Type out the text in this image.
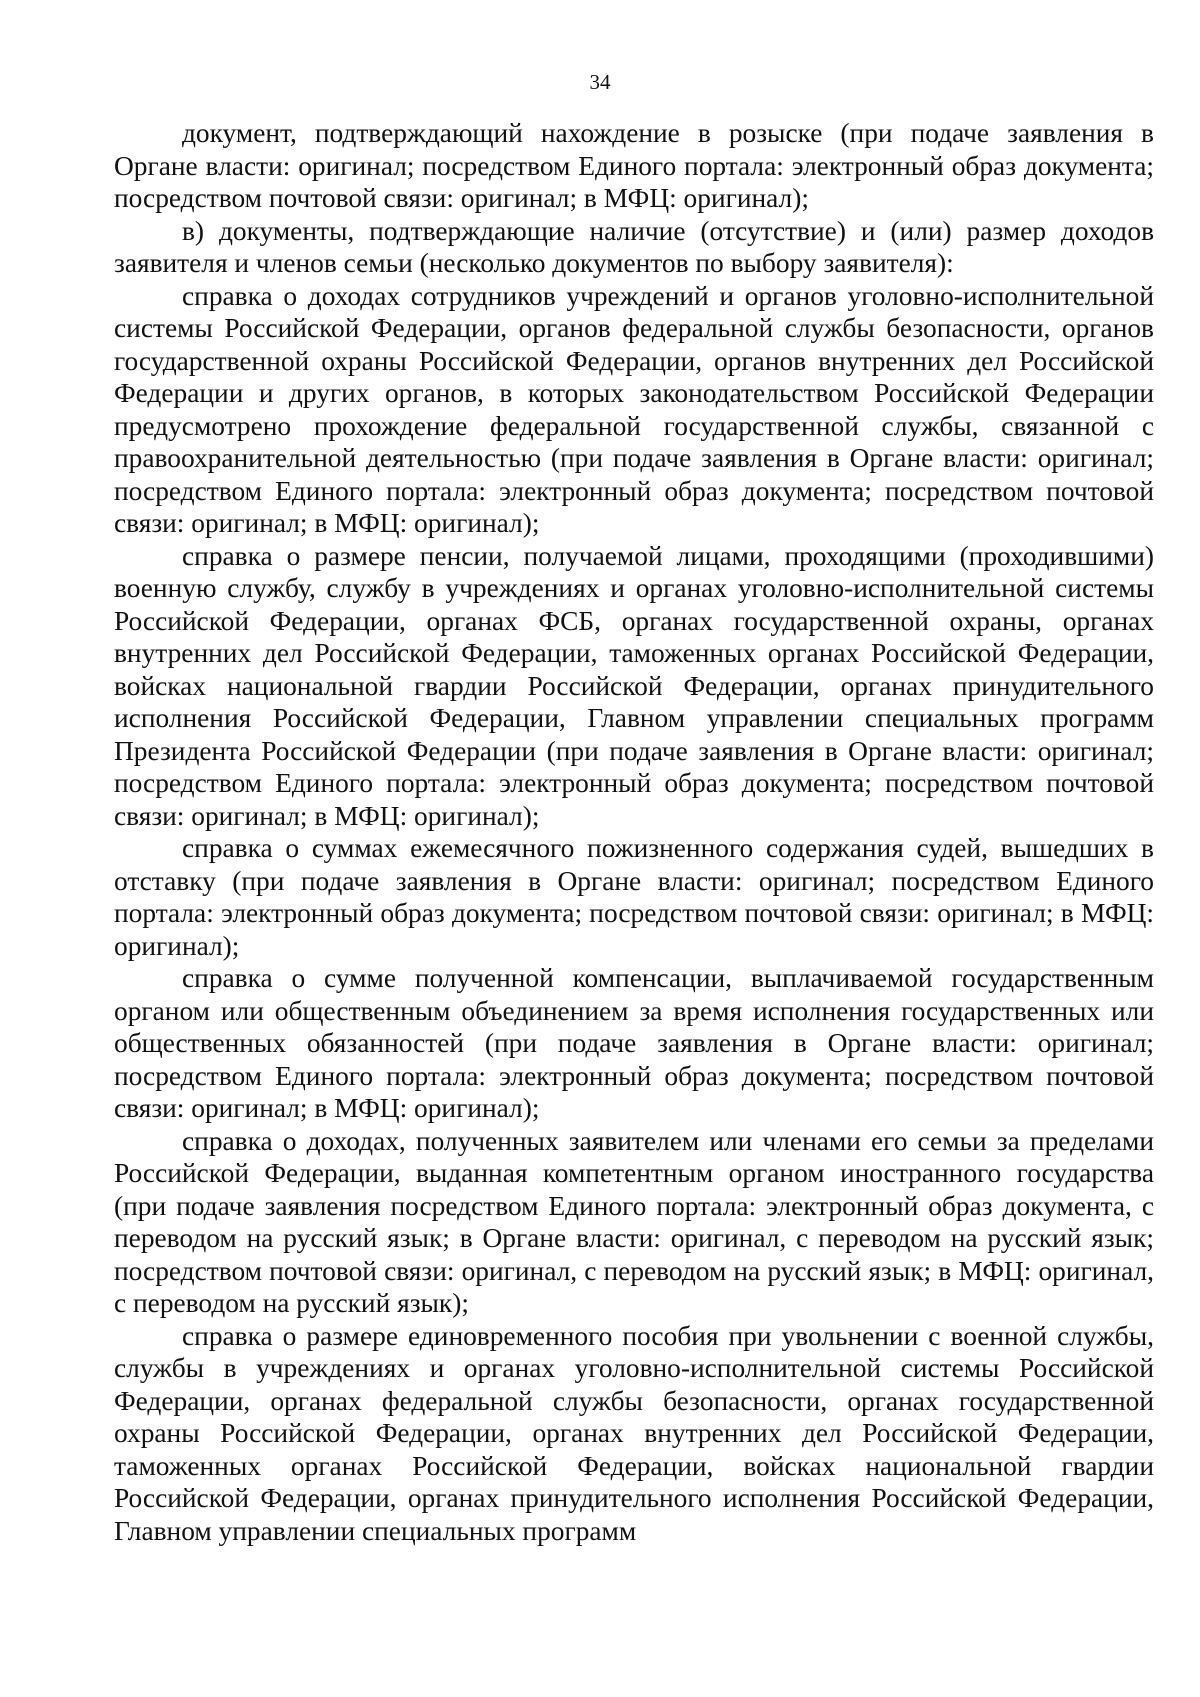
34

документ, подтверждающий нахождение в розыске (при подаче заявления в Органе власти: оригинал; посредством Единого портала: электронный образ документа; посредством почтовой связи: оригинал; в МФЦ: оригинал);

в) документы, подтверждающие наличие (отсутствие) и (или) размер доходов заявителя и членов семьи (несколько документов по выбору заявителя):

справка о доходах сотрудников учреждений и органов уголовно-исполнительной системы Российской Федерации, органов федеральной службы безопасности, органов государственной охраны Российской Федерации, органов внутренних дел Российской Федерации и других органов, в которых законодательством Российской Федерации предусмотрено прохождение федеральной государственной службы, связанной с правоохранительной деятельностью (при подаче заявления в Органе власти: оригинал; посредством Единого портала: электронный образ документа; посредством почтовой связи: оригинал; в МФЦ: оригинал);

справка о размере пенсии, получаемой лицами, проходящими (проходившими) военную службу, службу в учреждениях и органах уголовно-исполнительной системы Российской Федерации, органах ФСБ, органах государственной охраны, органах внутренних дел Российской Федерации, таможенных органах Российской Федерации, войсках национальной гвардии Российской Федерации, органах принудительного исполнения Российской Федерации, Главном управлении специальных программ Президента Российской Федерации (при подаче заявления в Органе власти: оригинал; посредством Единого портала: электронный образ документа; посредством почтовой связи: оригинал; в МФЦ: оригинал);

справка о суммах ежемесячного пожизненного содержания судей, вышедших в отставку (при подаче заявления в Органе власти: оригинал; посредством Единого портала: электронный образ документа; посредством почтовой связи: оригинал; в МФЦ: оригинал);

справка о сумме полученной компенсации, выплачиваемой государственным органом или общественным объединением за время исполнения государственных или общественных обязанностей (при подаче заявления в Органе власти: оригинал; посредством Единого портала: электронный образ документа; посредством почтовой связи: оригинал; в МФЦ: оригинал);

справка о доходах, полученных заявителем или членами его семьи за пределами Российской Федерации, выданная компетентным органом иностранного государства (при подаче заявления посредством Единого портала: электронный образ документа, с переводом на русский язык; в Органе власти: оригинал, с переводом на русский язык; посредством почтовой связи: оригинал, с переводом на русский язык; в МФЦ: оригинал, с переводом на русский язык);

справка о размере единовременного пособия при увольнении с военной службы, службы в учреждениях и органах уголовно-исполнительной системы Российской Федерации, органах федеральной службы безопасности, органах государственной охраны Российской Федерации, органах внутренних дел Российской Федерации, таможенных органах Российской Федерации, войсках национальной гвардии Российской Федерации, органах принудительного исполнения Российской Федерации, Главном управлении специальных программ
